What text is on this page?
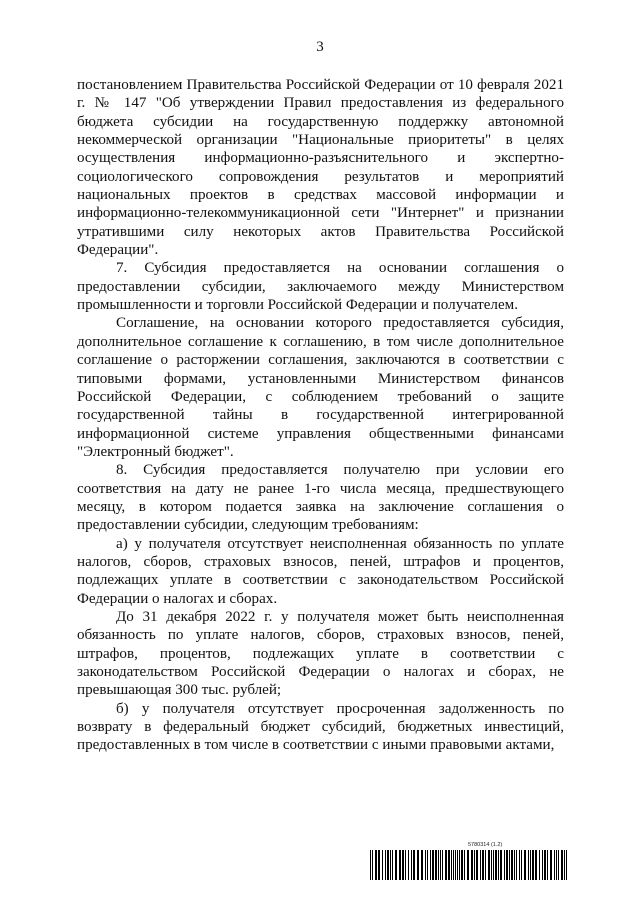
3

постановлением Правительства Российской Федерации от 10 февраля 2021 г. № 147 "Об утверждении Правил предоставления из федерального бюджета субсидии на государственную поддержку автономной некоммерческой организации "Национальные приоритеты" в целях осуществления информационно-разъяснительного и экспертно-социологического сопровождения результатов и мероприятий национальных проектов в средствах массовой информации и информационно-телекоммуникационной сети "Интернет" и признании утратившими силу некоторых актов Правительства Российской Федерации".

7. Субсидия предоставляется на основании соглашения о предоставлении субсидии, заключаемого между Министерством промышленности и торговли Российской Федерации и получателем.

Соглашение, на основании которого предоставляется субсидия, дополнительное соглашение к соглашению, в том числе дополнительное соглашение о расторжении соглашения, заключаются в соответствии с типовыми формами, установленными Министерством финансов Российской Федерации, с соблюдением требований о защите государственной тайны в государственной интегрированной информационной системе управления общественными финансами "Электронный бюджет".

8. Субсидия предоставляется получателю при условии его соответствия на дату не ранее 1-го числа месяца, предшествующего месяцу, в котором подается заявка на заключение соглашения о предоставлении субсидии, следующим требованиям:

а) у получателя отсутствует неисполненная обязанность по уплате налогов, сборов, страховых взносов, пеней, штрафов и процентов, подлежащих уплате в соответствии с законодательством Российской Федерации о налогах и сборах.

До 31 декабря 2022 г. у получателя может быть неисполненная обязанность по уплате налогов, сборов, страховых взносов, пеней, штрафов, процентов, подлежащих уплате в соответствии с законодательством Российской Федерации о налогах и сборах, не превышающая 300 тыс. рублей;

б) у получателя отсутствует просроченная задолженность по возврату в федеральный бюджет субсидий, бюджетных инвестиций, предоставленных в том числе в соответствии с иными правовыми актами,

5780314 (1.2)
